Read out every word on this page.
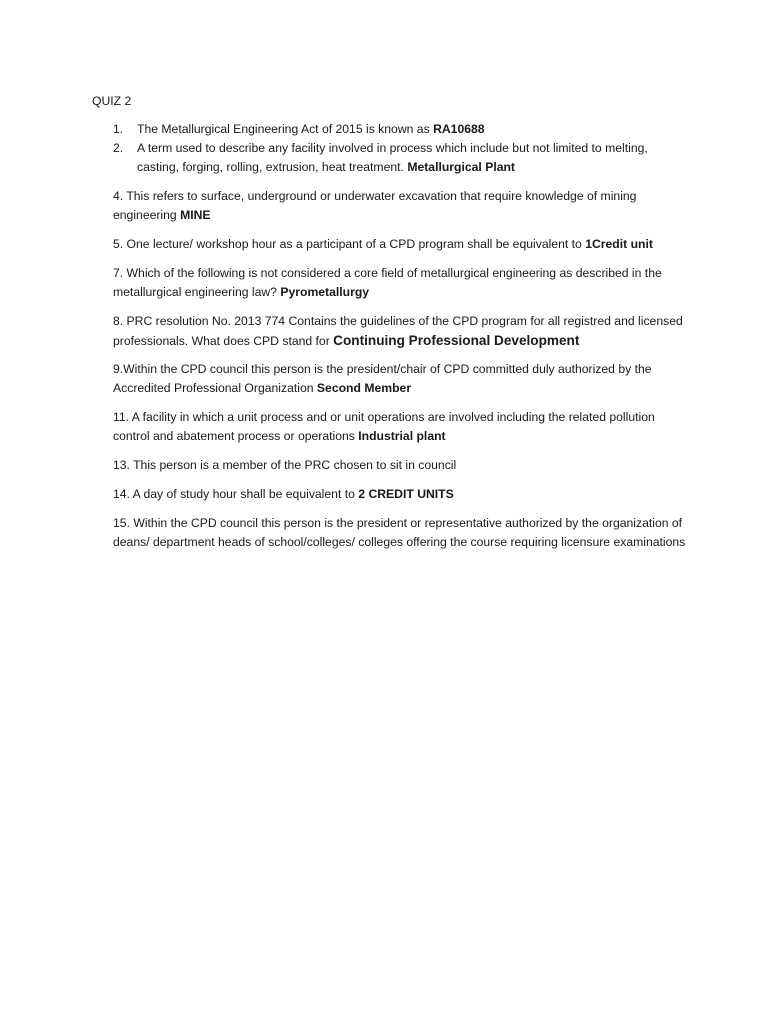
QUIZ 2
1. The Metallurgical Engineering Act of 2015 is known as RA10688
2. A term used to describe any facility involved in process which include but not limited to melting, casting, forging, rolling, extrusion, heat treatment. Metallurgical Plant
4. This refers to surface, underground or underwater excavation that require knowledge of mining engineering MINE
5. One lecture/ workshop hour as a participant of a CPD program shall be equivalent to 1Credit unit
7. Which of the following is not considered a core field of metallurgical engineering as described in the metallurgical engineering law? Pyrometallurgy
8. PRC resolution No. 2013 774 Contains the guidelines of the CPD program for all registred and licensed professionals. What does CPD stand for Continuing Professional Development
9.Within the CPD council this person is the president/chair of CPD committed duly authorized by the Accredited Professional Organization Second Member
11. A facility in which a unit process and or unit operations are involved including the related pollution control and abatement process or operations Industrial plant
13. This person is a member of the PRC chosen to sit in council
14. A day of study hour shall be equivalent to 2 CREDIT UNITS
15. Within the CPD council this person is the president or representative authorized by the organization of deans/ department heads of school/colleges/ colleges offering the course requiring licensure examinations
